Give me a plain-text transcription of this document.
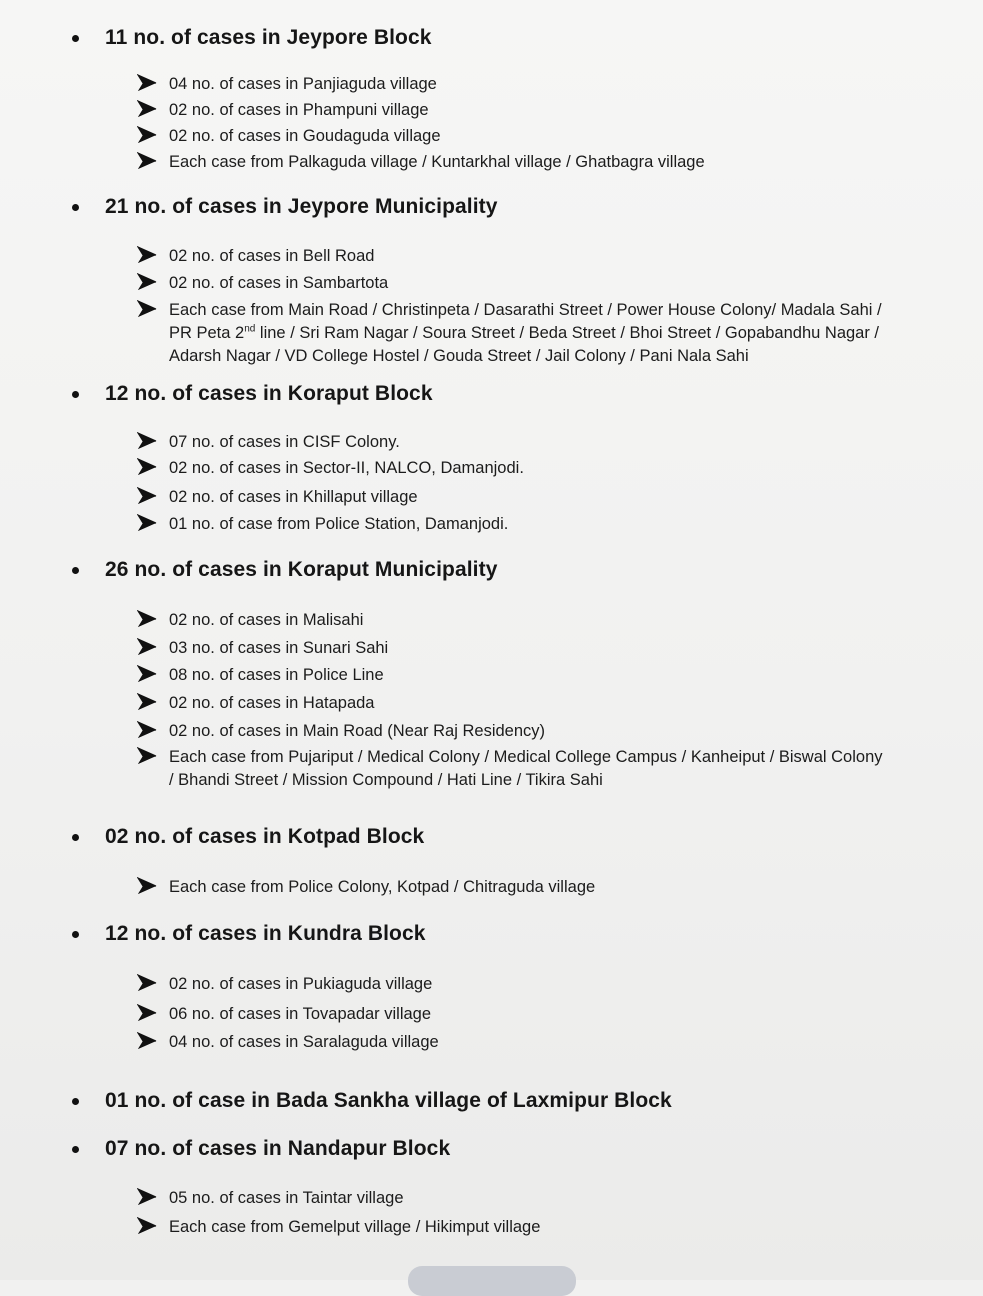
11 no. of cases in Jeypore Block
04 no. of cases in Panjiaguda village
02 no. of cases in Phampuni village
02 no. of cases in Goudaguda village
Each case from Palkaguda village / Kuntarkhal village / Ghatbagra village
21 no. of cases in Jeypore Municipality
02 no. of cases in Bell Road
02 no. of cases in Sambartota
Each case from Main Road / Christinpeta / Dasarathi Street / Power House Colony/ Madala Sahi /
PR Peta 2nd line / Sri Ram Nagar / Soura Street / Beda Street / Bhoi Street / Gopabandhu Nagar /
Adarsh Nagar / VD College Hostel / Gouda Street / Jail Colony / Pani Nala Sahi
12 no. of cases in Koraput Block
07 no. of cases in CISF Colony.
02 no. of cases in Sector-II, NALCO, Damanjodi.
02 no. of cases in Khillaput village
01 no. of case from Police Station, Damanjodi.
26 no. of cases in Koraput Municipality
02 no. of cases in Malisahi
03 no. of cases in Sunari Sahi
08 no. of cases in Police Line
02 no. of cases in Hatapada
02 no. of cases in Main Road (Near Raj Residency)
Each case from Pujariput / Medical Colony / Medical College Campus / Kanheiput / Biswal Colony
/ Bhandi Street / Mission Compound / Hati Line / Tikira Sahi
02 no. of cases in Kotpad Block
Each case from Police Colony, Kotpad / Chitraguda village
12 no. of cases in Kundra Block
02 no. of cases in Pukiaguda village
06 no. of cases in Tovapadar village
04 no. of cases in Saralaguda village
01 no. of case in Bada Sankha village of Laxmipur Block
07 no. of cases in Nandapur Block
05 no. of cases in Taintar village
Each case from Gemelput village / Hikimput village
